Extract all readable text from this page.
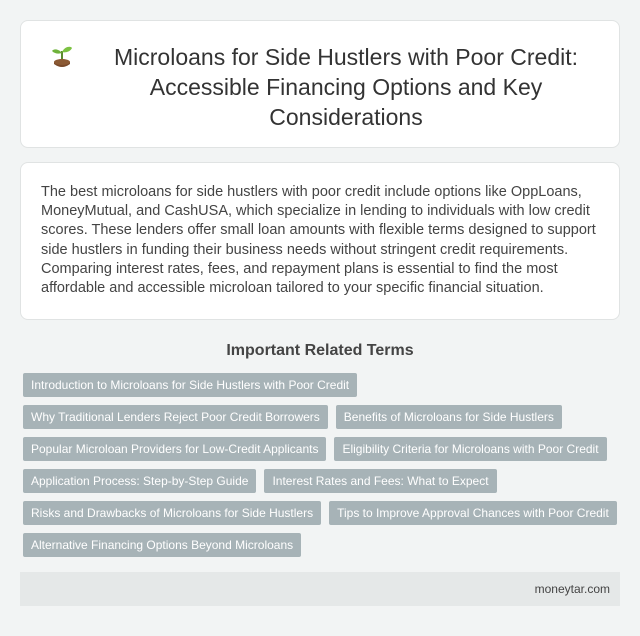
Microloans for Side Hustlers with Poor Credit: Accessible Financing Options and Key Considerations

The best microloans for side hustlers with poor credit include options like OppLoans, MoneyMutual, and CashUSA, which specialize in lending to individuals with low credit scores. These lenders offer small loan amounts with flexible terms designed to support side hustlers in funding their business needs without stringent credit requirements. Comparing interest rates, fees, and repayment plans is essential to find the most affordable and accessible microloan tailored to your specific financial situation.

Important Related Terms
Introduction to Microloans for Side Hustlers with Poor Credit
Why Traditional Lenders Reject Poor Credit Borrowers	Benefits of Microloans for Side Hustlers
Popular Microloan Providers for Low-Credit Applicants	Eligibility Criteria for Microloans with Poor Credit
Application Process: Step-by-Step Guide	Interest Rates and Fees: What to Expect
Risks and Drawbacks of Microloans for Side Hustlers	Tips to Improve Approval Chances with Poor Credit
Alternative Financing Options Beyond Microloans
moneytar.com
